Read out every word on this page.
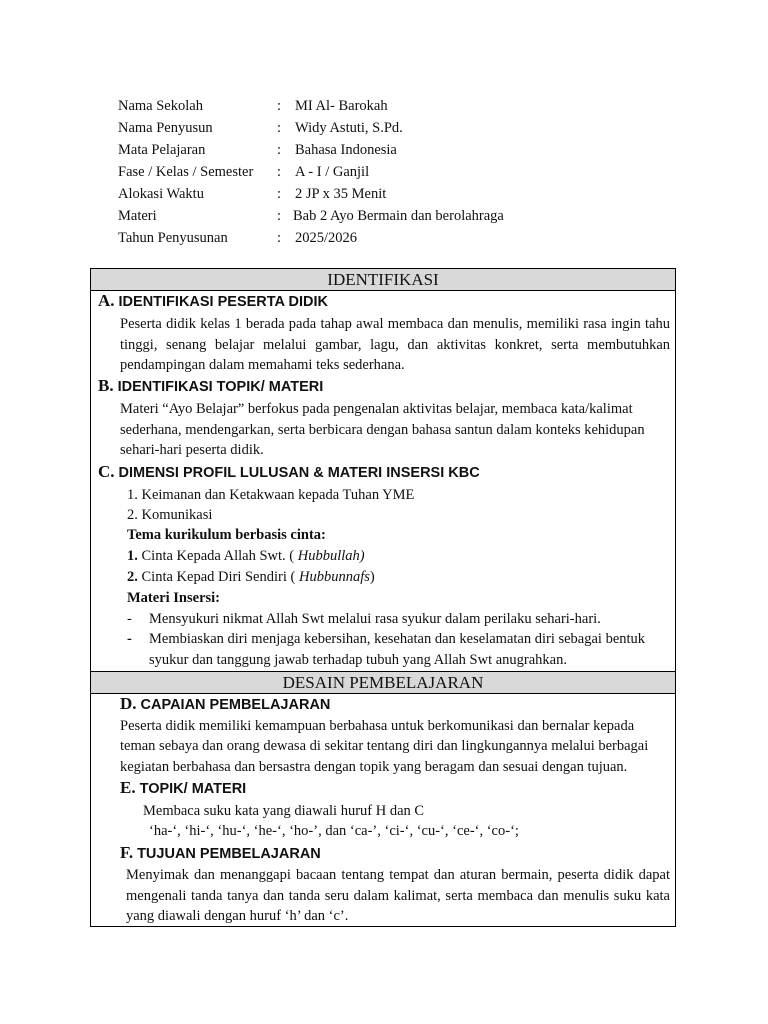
Nama Sekolah	: MI Al- Barokah
Nama Penyusun	: Widy Astuti, S.Pd.
Mata Pelajaran	: Bahasa Indonesia
Fase / Kelas / Semester : A - I / Ganjil
Alokasi Waktu	: 2 JP x 35 Menit
Materi	: Bab 2 Ayo Bermain dan berolahraga
Tahun Penyusunan	: 2025/2026
IDENTIFIKASI
A. IDENTIFIKASI PESERTA DIDIK
Peserta didik kelas 1 berada pada tahap awal membaca dan menulis, memiliki rasa ingin tahu tinggi, senang belajar melalui gambar, lagu, dan aktivitas konkret, serta membutuhkan pendampingan dalam memahami teks sederhana.
B. IDENTIFIKASI TOPIK/ MATERI
Materi “Ayo Belajar” berfokus pada pengenalan aktivitas belajar, membaca kata/kalimat sederhana, mendengarkan, serta berbicara dengan bahasa santun dalam konteks kehidupan sehari-hari peserta didik.
C. DIMENSI PROFIL LULUSAN & MATERI INSERSI KBC
1. Keimanan dan Ketakwaan kepada Tuhan YME
2. Komunikasi
Tema kurikulum berbasis cinta:
1. Cinta Kepada Allah Swt. ( Hubbullah)
2. Cinta Kepad Diri Sendiri ( Hubbunnafs)
Materi Insersi:
- Mensyukuri nikmat Allah Swt melalui rasa syukur dalam perilaku sehari-hari.
- Membiaskan diri menjaga kebersihan, kesehatan dan keselamatan diri sebagai bentuk
syukur dan tanggung jawab terhadap tubuh yang Allah Swt anugrahkan.
DESAIN PEMBELAJARAN
D. CAPAIAN PEMBELAJARAN
Peserta didik memiliki kemampuan berbahasa untuk berkomunikasi dan bernalar kepada
teman sebaya dan orang dewasa di sekitar tentang diri dan lingkungannya melalui berbagai
kegiatan berbahasa dan bersastra dengan topik yang beragam dan sesuai dengan tujuan.
E. TOPIK/ MATERI
Membaca suku kata yang diawali huruf H dan C
‘ha-‘, ‘hi-‘, ‘hu-‘, ‘he-‘, ‘ho-’, dan ‘ca-’, ‘ci-‘, ‘cu-‘, ‘ce-‘, ‘co-‘;
F. TUJUAN PEMBELAJARAN
Menyimak dan menanggapi bacaan tentang tempat dan aturan bermain, peserta didik dapat mengenali tanda tanya dan tanda seru dalam kalimat, serta membaca dan menulis suku kata yang diawali dengan huruf ‘h’ dan ‘c’.
